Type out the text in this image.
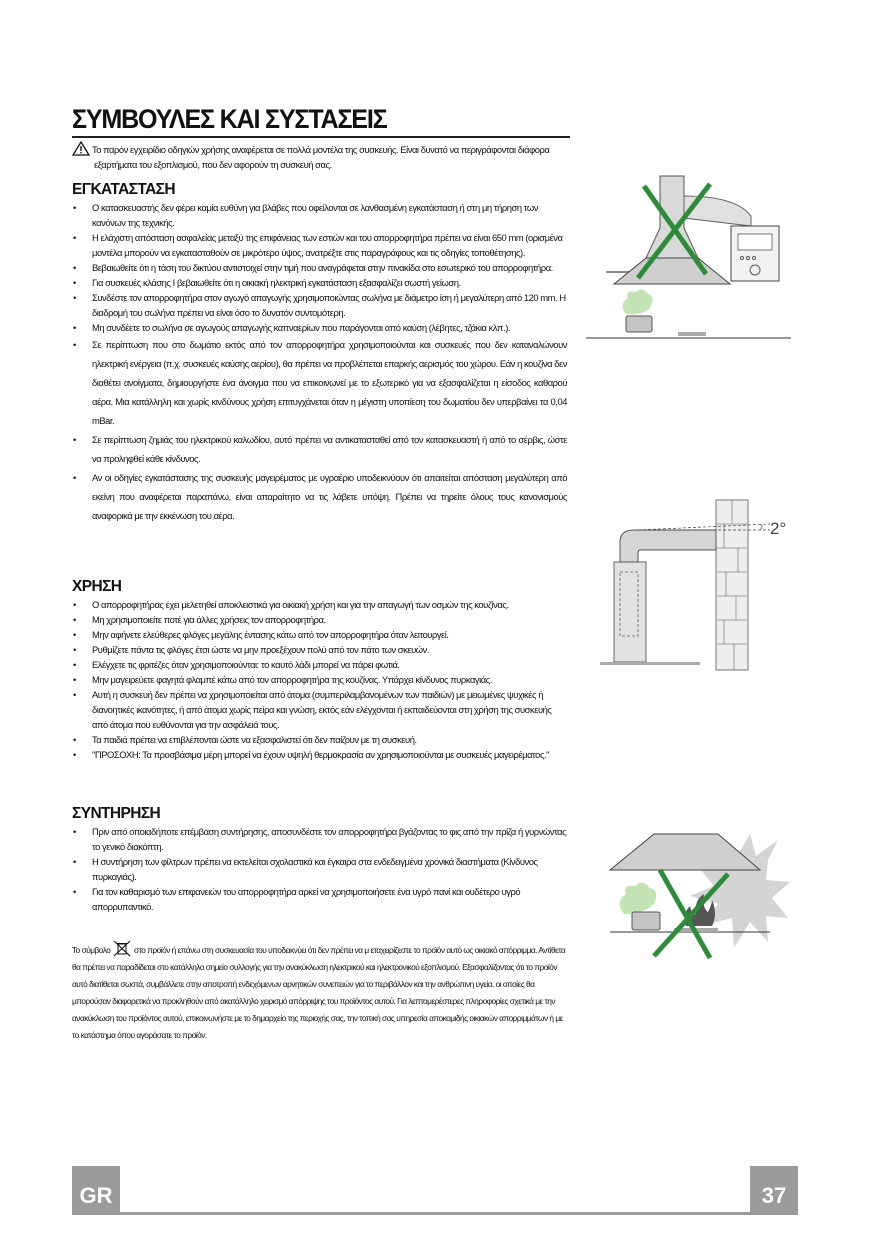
ΣΥΜΒΟΥΛΕΣ ΚΑΙ ΣΥΣΤΑΣΕΙΣ

Το παρόν εγχειρίδιο οδηγιών χρήσης αναφέρεται σε πολλά μοντέλα της συσκευής. Είναι δυνατό να περιγράφονται διάφορα εξαρτήματα του εξοπλισμού, που δεν αφορούν τη συσκευή σας.

ΕΓΚΑΤΑΣΤΑΣΗ
• Ο κατασκευαστής δεν φέρει καμία ευθύνη για βλάβες που οφείλονται σε λανθασμένη εγκατάσταση ή στη μη τήρηση των κανόνων της τεχνικής.
• Η ελάχιστη απόσταση ασφαλείας μεταξύ της επιφάνειας των εστιών και του απορροφητήρα πρέπει να είναι 650 mm (ορισμένα μοντέλα μπορούν να εγκατασταθούν σε μικρότερο ύψος, ανατρέξτε στις παραγράφους και τις οδηγίες τοποθέτησης).
• Βεβαιωθείτε ότι η τάση του δικτύου αντιστοιχεί στην τιμή που αναγράφεται στην πινακίδα στο εσωτερικό του απορροφητήρα.
• Για συσκευές κλάσης I βεβαιωθείτε ότι η οικιακή ηλεκτρική εγκατάσταση εξασφαλίζει σωστή γείωση.
• Συνδέστε τον απορροφητήρα στον αγωγό απαγωγής χρησιμοποιώντας σωλήνα με διάμετρο ίση ή μεγαλύτερη από 120 mm. Η διαδρομή του σωλήνα πρέπει να είναι όσο το δυνατόν συντομότερη.
• Μη συνδέετε το σωλήνα σε αγωγούς απαγωγής καπναερίων που παράγονται από καύση (λέβητες, τζάκια κλπ.).
• Σε περίπτωση που στο δωμάτιο εκτός από τον απορροφητήρα χρησιμοποιούνται και συσκευές που δεν καταναλώνουν ηλεκτρική ενέργεια (π.χ. συσκευές καύσης αερίου), θα πρέπει να προβλέπεται επαρκής αερισμός του χώρου. Εάν η κουζίνα δεν διαθέτει ανοίγματα, δημιουργήστε ένα άνοιγμα που να επικοινωνεί με το εξωτερικό για να εξασφαλίζεται η είσοδος καθαρού αέρα. Μια κατάλληλη και χωρίς κινδύνους χρήση επιτυγχάνεται όταν η μέγιστη υποπίεση του δωματίου δεν υπερβαίνει τα 0,04 mBar.
• Σε περίπτωση ζημιάς του ηλεκτρικού καλωδίου, αυτό πρέπει να αντικατασταθεί από τον κατασκευαστή ή από το σέρβις, ώστε να προληφθεί κάθε κίνδυνος.
• Αν οι οδηγίες εγκατάστασης της συσκευής μαγειρέματος με υγραέριο υποδεικνύουν ότι απαιτείται απόσταση μεγαλύτερη από εκείνη που αναφέρεται παραπάνω, είναι απαραίτητο να τις λάβετε υπόψη. Πρέπει να τηρείτε όλους τους κανονισμούς αναφορικά με την εκκένωση του αέρα.
ΧΡΗΣΗ
• Ο απορροφητήρας έχει μελετηθεί αποκλειστικά για οικιακή χρήση και για την απαγωγή των οσμών της κουζίνας.
• Μη χρησιμοποιείτε ποτέ για άλλες χρήσεις τον απορροφητήρα.
• Μην αφήνετε ελεύθερες φλόγες μεγάλης έντασης κάτω από τον απορροφητήρα όταν λειτουργεί.
• Ρυθμίζετε πάντα τις φλόγες έτσι ώστε να μην προεξέχουν πολύ από τον πάτο των σκευών.
• Ελέγχετε τις φριτέζες όταν χρησιμοποιούνται: το καυτό λάδι μπορεί να πάρει φωτιά.
• Μην μαγειρεύετε φαγητά φλαμπέ κάτω από τον απορροφητήρα της κουζίνας. Υπάρχει κίνδυνος πυρκαγιάς.
• Αυτή η συσκευή δεν πρέπει να χρησιμοποιείται από άτομα (συμπεριλαμβανομένων των παιδιών) με μειωμένες ψυχικές ή διανοητικές ικανότητες, ή από άτομα χωρίς πείρα και γνώση, εκτός εάν ελέγχονται ή εκπαιδεύονται στη χρήση της συσκευής από άτομα που ευθύνονται για την ασφάλειά τους.
• Τα παιδιά πρέπει να επιβλέπονται ώστε να εξασφαλιστεί ότι δεν παίζουν με τη συσκευή.
• "ΠΡΟΣΟΧΗ: Τα προσβάσιμα μέρη μπορεί να έχουν υψηλή θερμοκρασία αν χρησιμοποιούνται με συσκευές μαγειρέματος."
ΣΥΝΤΗΡΗΣΗ
• Πριν από οποιαδήποτε επέμβαση συντήρησης, αποσυνδέστε τον απορροφητήρα βγάζοντας το φις από την πρίζα ή γυρνώντας το γενικό διακόπτη.
• Η συντήρηση των φίλτρων πρέπει να εκτελείται σχολαστικά και έγκαιρα στα ενδεδειγμένα χρονικά διαστήματα (Κίνδυνος πυρκαγιάς).
• Για τον καθαρισμό των επιφανειών του απορροφητήρα αρκεί να χρησιμοποιήσετε ένα υγρό πανί και ουδέτερο υγρό απορρυπαντικό.

Το σύμβολο	στο προϊόν ή επάνω στη συσκευασία του υποδεικνύει ότι δεν πρέπει να μ εταχειρίζεστε το προϊόν αυτό ως οικιακό απόρριμμα. Αντίθετα θα πρέπει να παραδίδεται στο κατάλληλο σημείο συλλογής για την ανακύκλωση ηλεκτρικού και ηλεκτρονικού εξοπλισμού. Εξασφαλίζοντας ότι το προϊόν αυτό διατίθεται σωστά, συμβάλλετε στην αποτροπή ενδεχόμενων αρνητικών συνεπειών για το περιβάλλον και την ανθρώπινη υγεία, οι οποίες θα μπορούσαν διαφορετικά να προκληθούν από ακατάλληλο χειρισμό απόρριψης του προϊόντος αυτού. Για λεπτομερέστερες πληροφορίες σχετικά με την ανακύκλωση του προϊόντος αυτού, επικοινωνήστε με το δημαρχείο της περιοχής σας, την τοπική σας υπηρεσία αποκομιδής οικιακών απορριμμάτων ή με το κατάστημα όπου αγοράσατε το προϊόν.

2°
GR	37
